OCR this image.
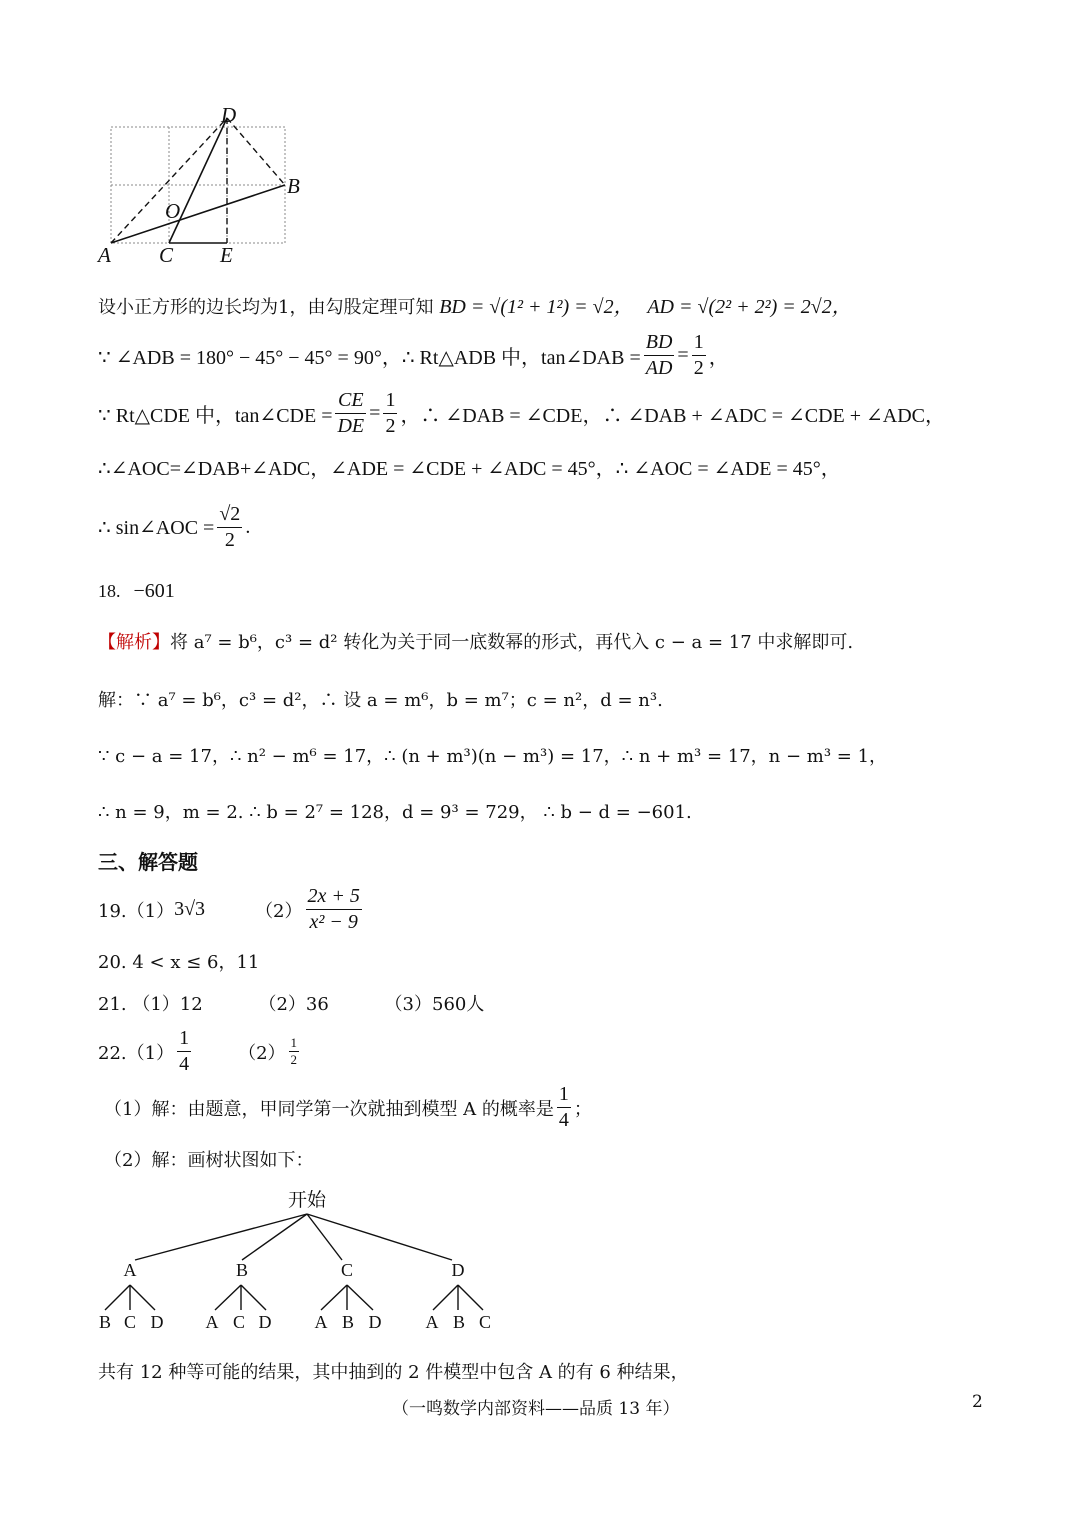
D
B
O
A C E
设小正方形的边长均为1，由勾股定理可知 BD = √(1² + 1²) = √2， AD = √(2² + 2²) = 2√2，
∵ ∠ADB = 180° − 45° − 45° = 90°，∴ Rt△ADB 中，tan∠DAB = $\frac{BD}{AD} = \frac{1}{2}$ ，
∵ Rt△CDE 中，tan∠CDE = $\frac{CE}{DE} = \frac{1}{2}$ ，∴ ∠DAB = ∠CDE，∴ ∠DAB + ∠ADC = ∠CDE + ∠ADC，
∴∠AOC=∠DAB+∠ADC，∠ADE = ∠CDE + ∠ADC = 45°，∴ ∠AOC = ∠ADE = 45°，
∴ sin∠AOC = $\frac{√2}{2}$ .
18. −601
【解析】将 a⁷ = b⁶，c³ = d² 转化为关于同一底数幂的形式，再代入 c − a = 17 中求解即可.
解：∵ a⁷ = b⁶，c³ = d²，∴ 设 a = m⁶，b = m⁷；c = n²，d = n³.
∵ c − a = 17，∴ n² − m⁶ = 17，∴ (n + m³)(n − m³) = 17，∴ n + m³ = 17，n − m³ = 1，
∴ n = 9，m = 2. ∴ b = 2⁷ = 128，d = 9³ = 729， ∴ b − d = −601.
三、解答题
19.（1） 3√3	$(2) \frac{2x + 5}{\text{x² − 9}}$
20. 4 < x ≤ 6，11
21. （1）12	（2）36	（3）560人
$22.(1) \frac{1}{4}$	$(2) \frac{1}{2}$
（1）解：由题意，甲同学第一次就抽到模型 A 的概率是 $\frac{1}{4}$ ；
（2）解：画树状图如下：
开始
A	B	C	D
B C D A C D A B D A B C
共有 12 种等可能的结果，其中抽到的 2 件模型中包含 A 的有 6 种结果，
（一鸣数学内部资料——品质 13 年）	2
